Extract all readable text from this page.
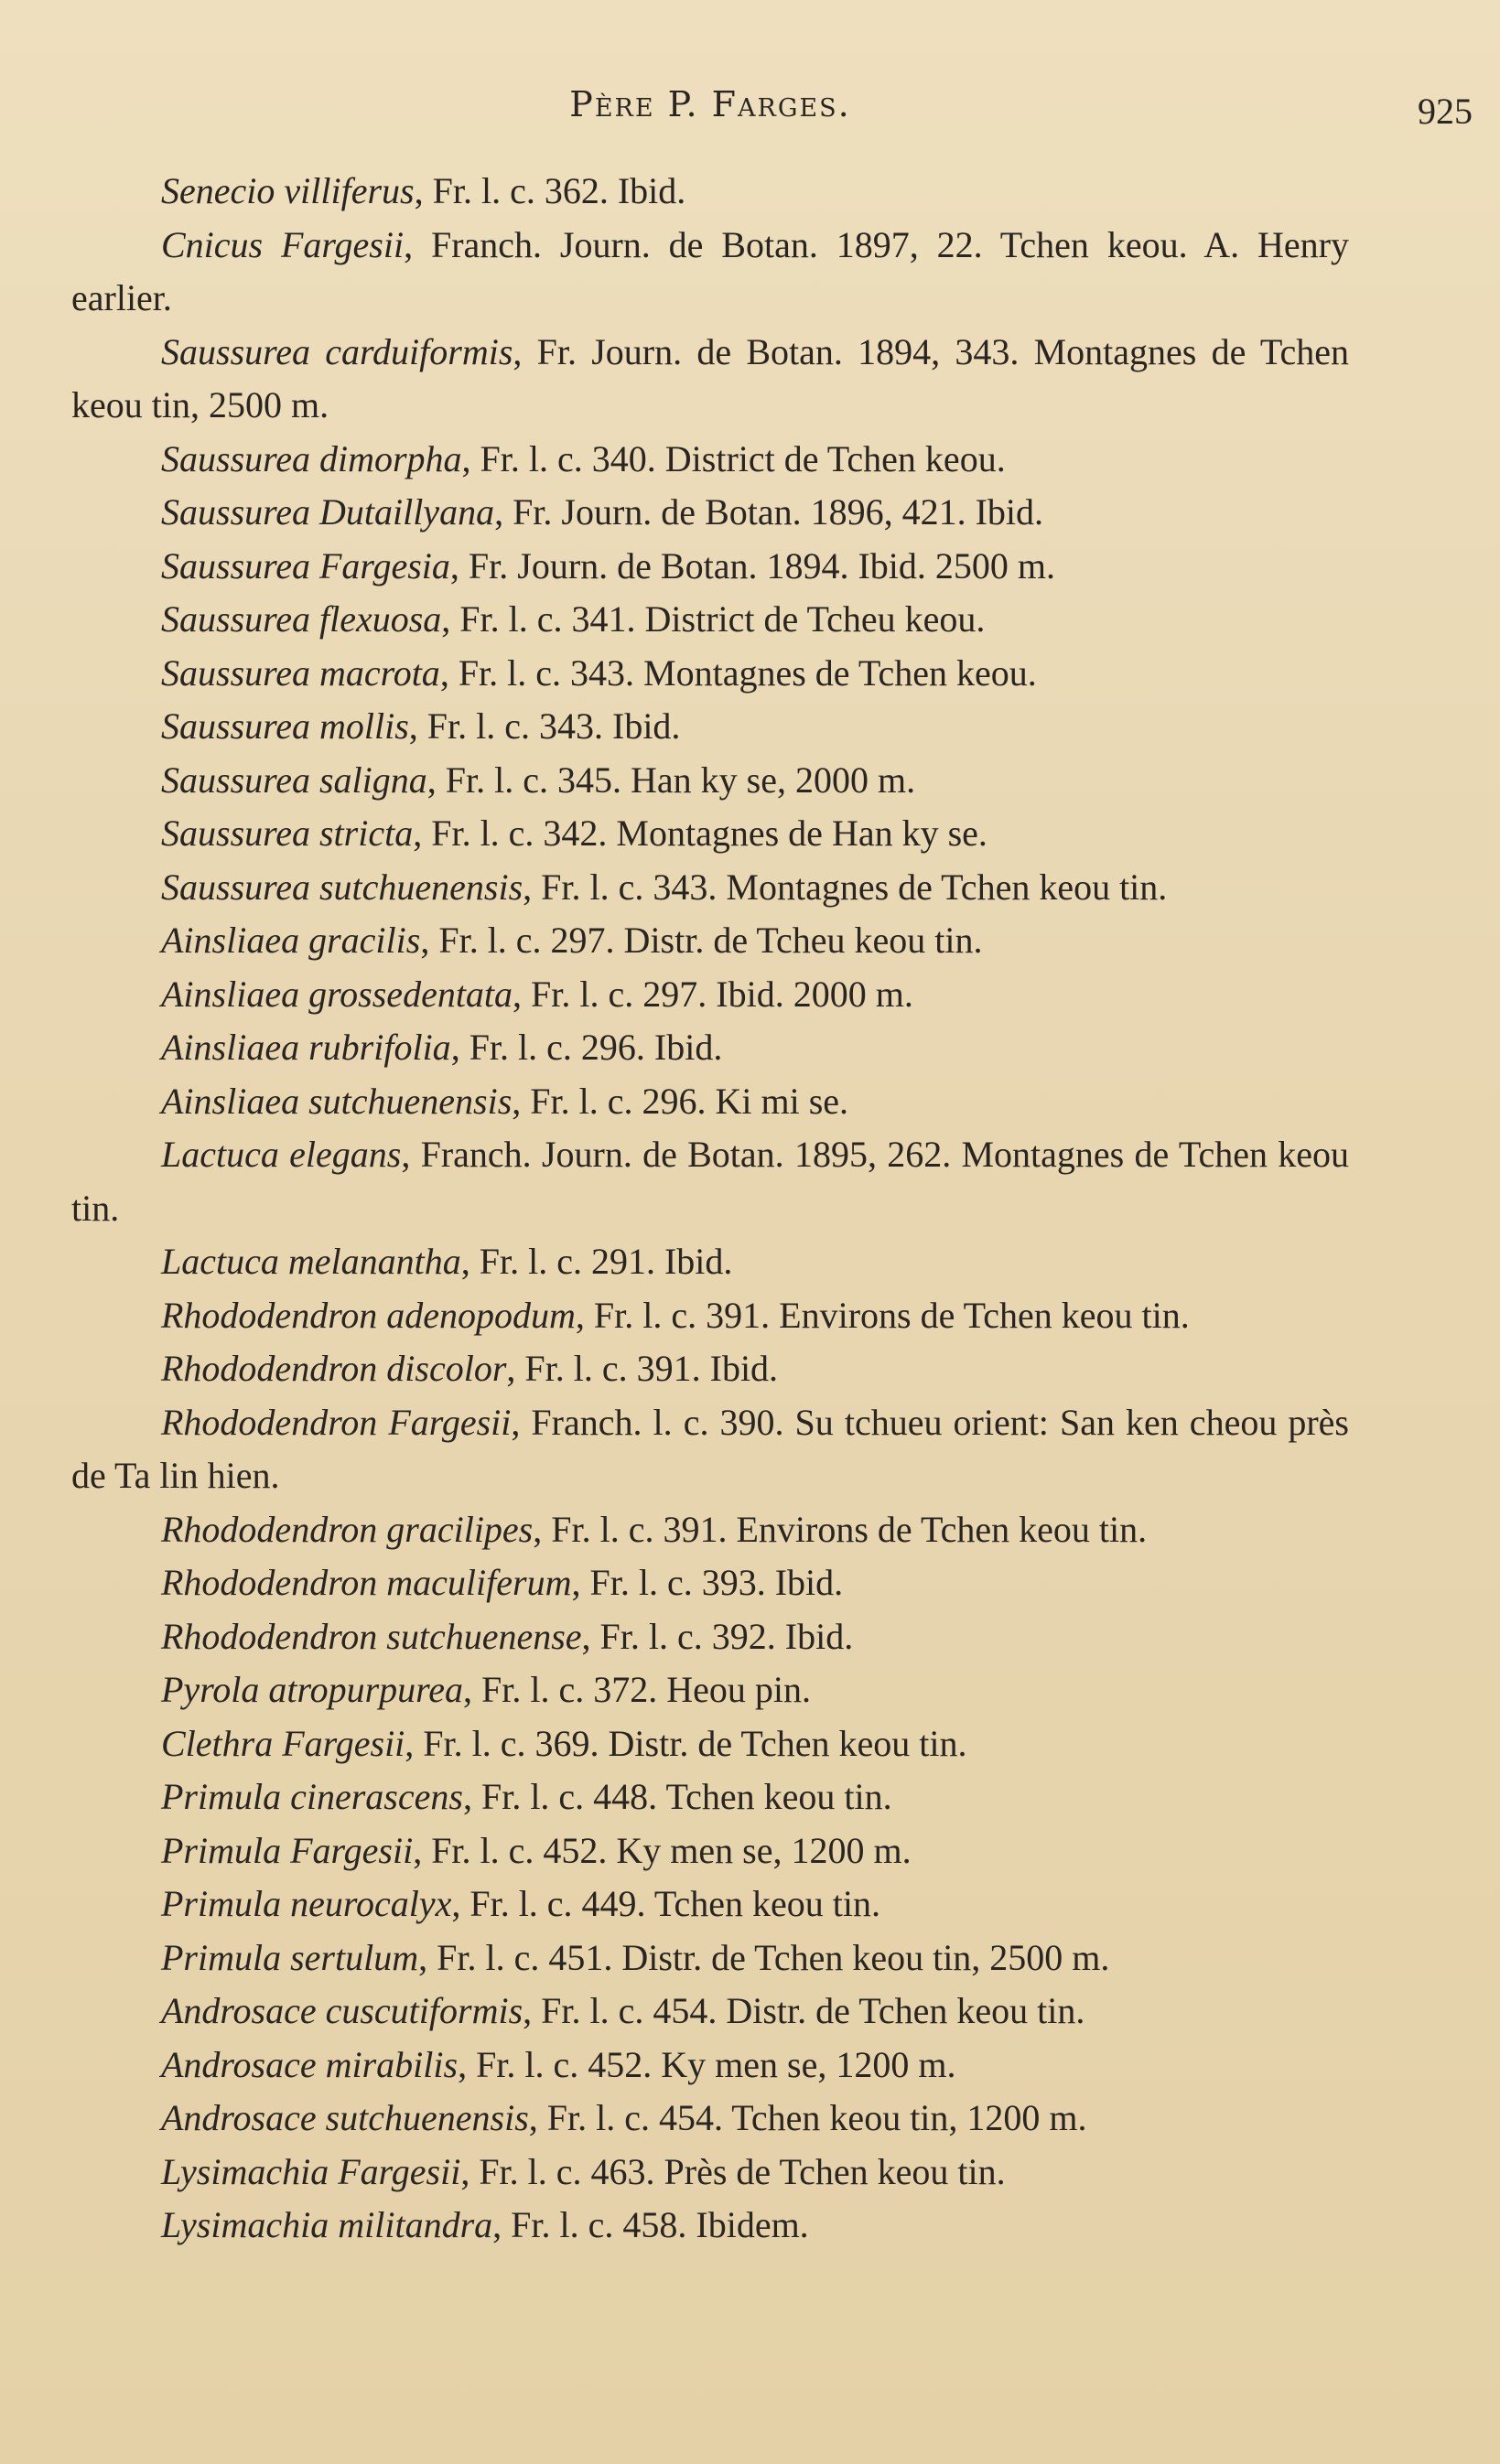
Père P. Farges.	925

Senecio villiferus, Fr. l. c. 362. Ibid.

Cnicus Fargesii, Franch. Journ. de Botan. 1897, 22. Tchen keou. A. Henry earlier.

Saussurea carduiformis, Fr. Journ. de Botan. 1894, 343. Montagnes de Tchen keou tin, 2500 m.

Saussurea dimorpha, Fr. l. c. 340. District de Tchen keou.

Saussurea Dutaillyana, Fr. Journ. de Botan. 1896, 421. Ibid.

Saussurea Fargesia, Fr. Journ. de Botan. 1894. Ibid. 2500 m.

Saussurea flexuosa, Fr. l. c. 341. District de Tcheu keou.

Saussurea macrota, Fr. l. c. 343. Montagnes de Tchen keou.

Saussurea mollis, Fr. l. c. 343. Ibid.

Saussurea saligna, Fr. l. c. 345. Han ky se, 2000 m.

Saussurea stricta, Fr. l. c. 342. Montagnes de Han ky se.

Saussurea sutchuenensis, Fr. l. c. 343. Montagnes de Tchen keou tin.

Ainsliaea gracilis, Fr. l. c. 297. Distr. de Tcheu keou tin.

Ainsliaea grossedentata, Fr. l. c. 297. Ibid. 2000 m.

Ainsliaea rubrifolia, Fr. l. c. 296. Ibid.

Ainsliaea sutchuenensis, Fr. l. c. 296. Ki mi se.

Lactuca elegans, Franch. Journ. de Botan. 1895, 262. Montagnes de Tchen keou tin.

Lactuca melanantha, Fr. l. c. 291. Ibid.

Rhododendron adenopodum, Fr. l. c. 391. Environs de Tchen keou tin.

Rhododendron discolor, Fr. l. c. 391. Ibid.

Rhododendron Fargesii, Franch. l. c. 390. Su tchueu orient: San ken cheou près de Ta lin hien.

Rhododendron gracilipes, Fr. l. c. 391. Environs de Tchen keou tin.

Rhododendron maculiferum, Fr. l. c. 393. Ibid.

Rhododendron sutchuenense, Fr. l. c. 392. Ibid.

Pyrola atropurpurea, Fr. l. c. 372. Heou pin.

Clethra Fargesii, Fr. l. c. 369. Distr. de Tchen keou tin.

Primula cinerascens, Fr. l. c. 448. Tchen keou tin.

Primula Fargesii, Fr. l. c. 452. Ky men se, 1200 m.

Primula neurocalyx, Fr. l. c. 449. Tchen keou tin.

Primula sertulum, Fr. l. c. 451. Distr. de Tchen keou tin, 2500 m.

Androsace cuscutiformis, Fr. l. c. 454. Distr. de Tchen keou tin.

Androsace mirabilis, Fr. l. c. 452. Ky men se, 1200 m.

Androsace sutchuenensis, Fr. l. c. 454. Tchen keou tin, 1200 m.

Lysimachia Fargesii, Fr. l. c. 463. Près de Tchen keou tin.

Lysimachia militandra, Fr. l. c. 458. Ibidem.
